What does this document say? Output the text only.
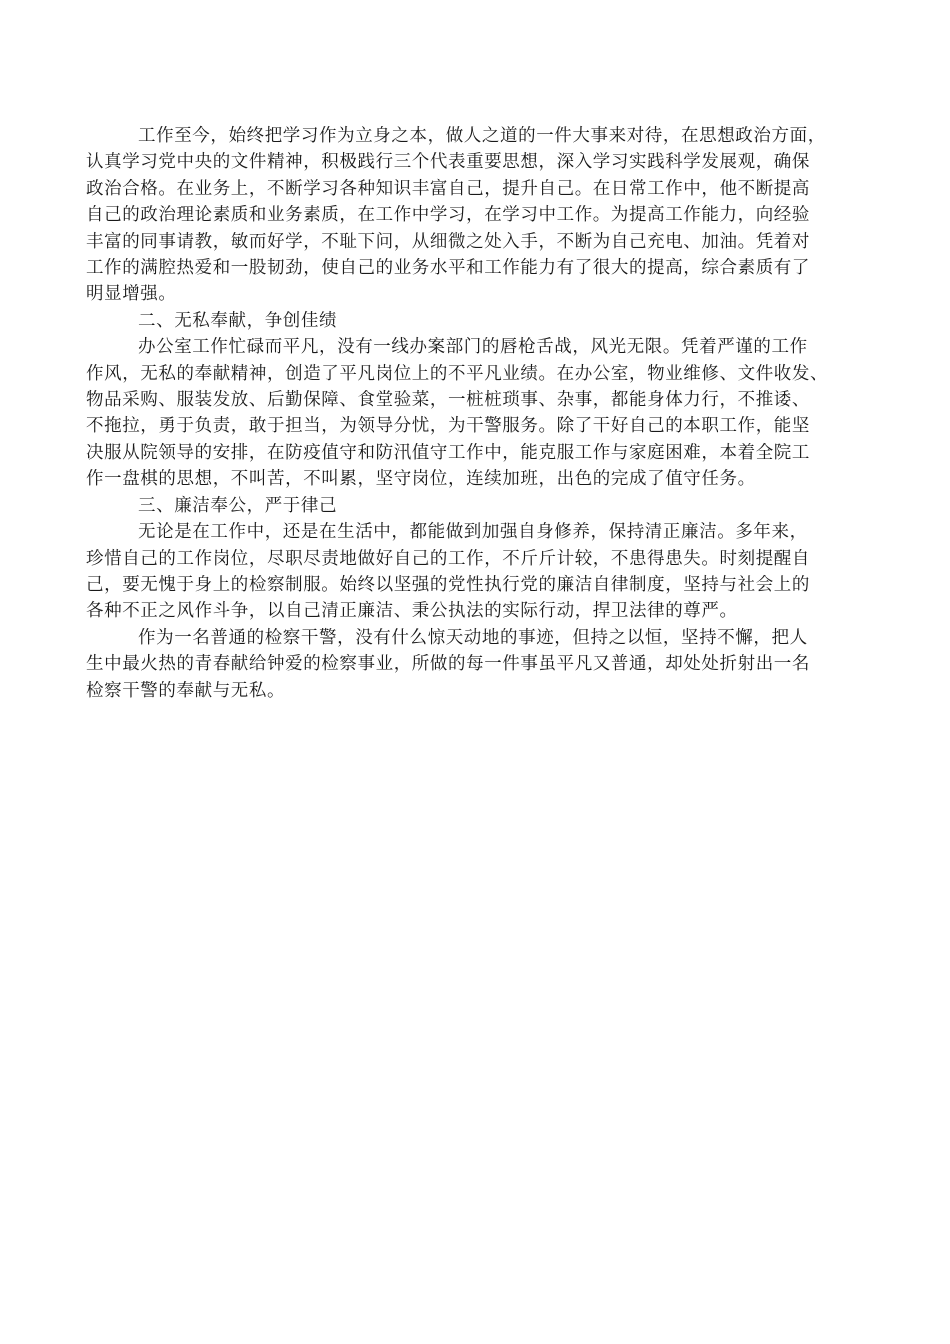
工作至今，始终把学习作为立身之本，做人之道的一件大事来对待，在思想政治方面，
认真学习党中央的文件精神，积极践行三个代表重要思想，深入学习实践科学发展观，确保
政治合格。在业务上，不断学习各种知识丰富自己，提升自己。在日常工作中，他不断提高
自己的政治理论素质和业务素质，在工作中学习，在学习中工作。为提高工作能力，向经验
丰富的同事请教，敏而好学，不耻下问，从细微之处入手，不断为自己充电、加油。凭着对
工作的满腔热爱和一股韧劲，使自己的业务水平和工作能力有了很大的提高，综合素质有了
明显增强。
二、无私奉献，争创佳绩
办公室工作忙碌而平凡，没有一线办案部门的唇枪舌战，风光无限。凭着严谨的工作
作风，无私的奉献精神，创造了平凡岗位上的不平凡业绩。在办公室，物业维修、文件收发、
物品采购、服装发放、后勤保障、食堂验菜，一桩桩琐事、杂事，都能身体力行，不推诿、
不拖拉，勇于负责，敢于担当，为领导分忧，为干警服务。除了干好自己的本职工作，能坚
决服从院领导的安排，在防疫值守和防汛值守工作中，能克服工作与家庭困难，本着全院工
作一盘棋的思想，不叫苦，不叫累，坚守岗位，连续加班，出色的完成了值守任务。
三、廉洁奉公，严于律己
无论是在工作中，还是在生活中，都能做到加强自身修养，保持清正廉洁。多年来，
珍惜自己的工作岗位，尽职尽责地做好自己的工作，不斤斤计较，不患得患失。时刻提醒自
己，要无愧于身上的检察制服。始终以坚强的党性执行党的廉洁自律制度，坚持与社会上的
各种不正之风作斗争，以自己清正廉洁、秉公执法的实际行动，捍卫法律的尊严。
作为一名普通的检察干警，没有什么惊天动地的事迹，但持之以恒，坚持不懈，把人
生中最火热的青春献给钟爱的检察事业，所做的每一件事虽平凡又普通，却处处折射出一名
检察干警的奉献与无私。
